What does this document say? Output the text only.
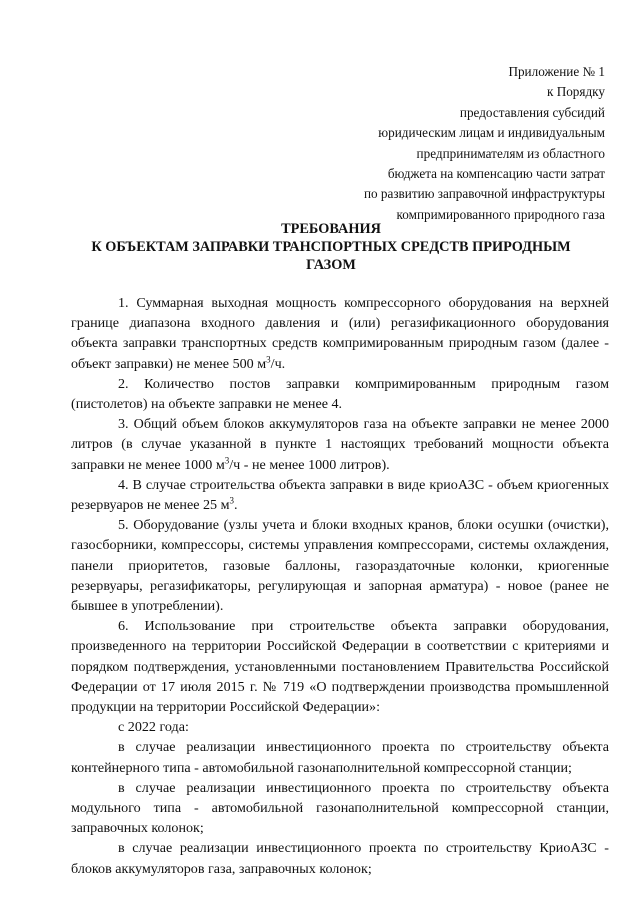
Приложение № 1
к Порядку
предоставления субсидий
юридическим лицам и индивидуальным
предпринимателям из областного
бюджета на компенсацию части затрат
по развитию заправочной инфраструктуры
компримированного природного газа
ТРЕБОВАНИЯ
К ОБЪЕКТАМ ЗАПРАВКИ ТРАНСПОРТНЫХ СРЕДСТВ ПРИРОДНЫМ
ГАЗОМ

1. Суммарная выходная мощность компрессорного оборудования на верхней границе диапазона входного давления и (или) регазификационного оборудования объекта заправки транспортных средств компримированным природным газом (далее - объект заправки) не менее 500 $м^3/ч$.

2. Количество постов заправки компримированным природным газом (пистолетов) на объекте заправки не менее 4.

3. Общий объем блоков аккумуляторов газа на объекте заправки не менее 2000 литров (в случае указанной в пункте 1 настоящих требований мощности объекта заправки не менее 1000 $м^3/ч$ - не менее 1000 литров).

4. В случае строительства объекта заправки в виде криоАЗС - объем криогенных резервуаров не менее 25 $м^3$.

5. Оборудование (узлы учета и блоки входных кранов, блоки осушки (очистки), газосборники, компрессоры, системы управления компрессорами, системы охлаждения, панели приоритетов, газовые баллоны, газораздаточные колонки, криогенные резервуары, регазификаторы, регулирующая и запорная арматура) - новое (ранее не бывшее в употреблении).

6. Использование при строительстве объекта заправки оборудования, произведенного на территории Российской Федерации в соответствии с критериями и порядком подтверждения, установленными постановлением Правительства Российской Федерации от 17 июля 2015 г. № 719 «О подтверждении производства промышленной продукции на территории Российской Федерации»:

с 2022 года:

в случае реализации инвестиционного проекта по строительству объекта контейнерного типа - автомобильной газонаполнительной компрессорной станции;

в случае реализации инвестиционного проекта по строительству объекта модульного типа - автомобильной газонаполнительной компрессорной станции, заправочных колонок;

в случае реализации инвестиционного проекта по строительству КриоАЗС - блоков аккумуляторов газа, заправочных колонок;
